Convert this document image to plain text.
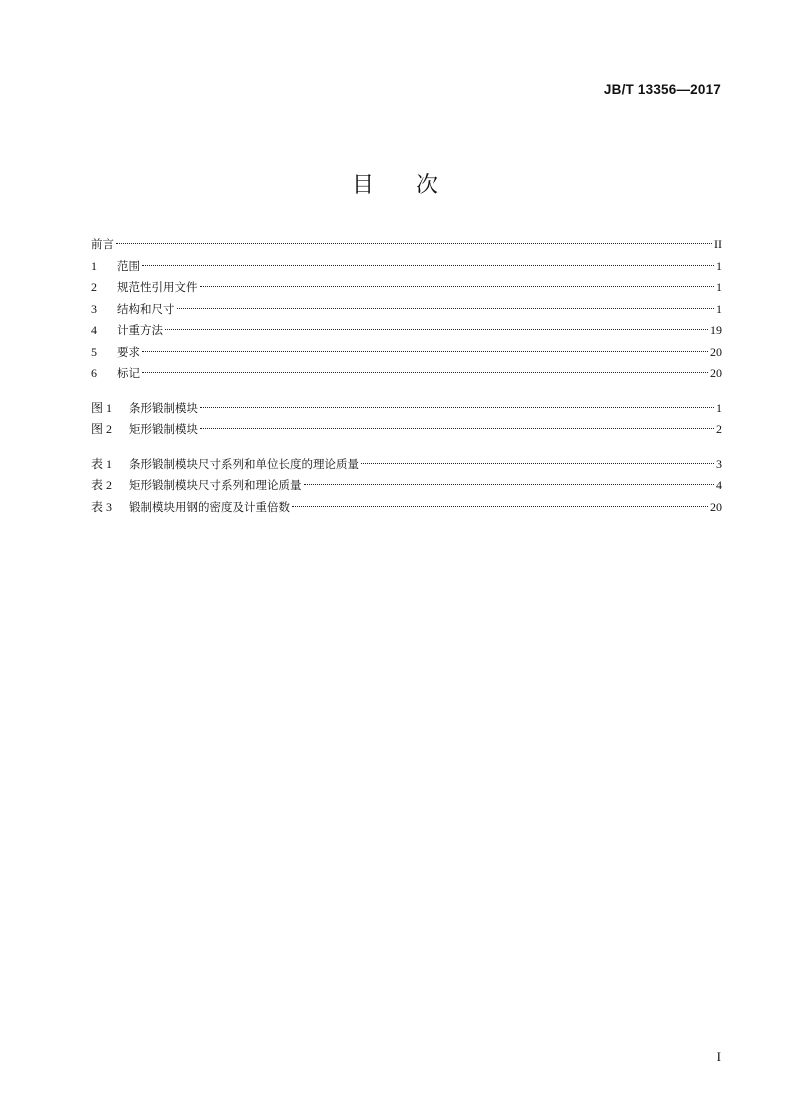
JB/T 13356—2017
目 次
前言	II
1	范围	1
2	规范性引用文件	1
3	结构和尺寸	1
4	计重方法	19
5	要求	20
6	标记	20
图 1	条形锻制模块	1
图 2	矩形锻制模块	2
表 1	条形锻制模块尺寸系列和单位长度的理论质量	3
表 2	矩形锻制模块尺寸系列和理论质量	4
表 3	锻制模块用钢的密度及计重倍数	20
I
